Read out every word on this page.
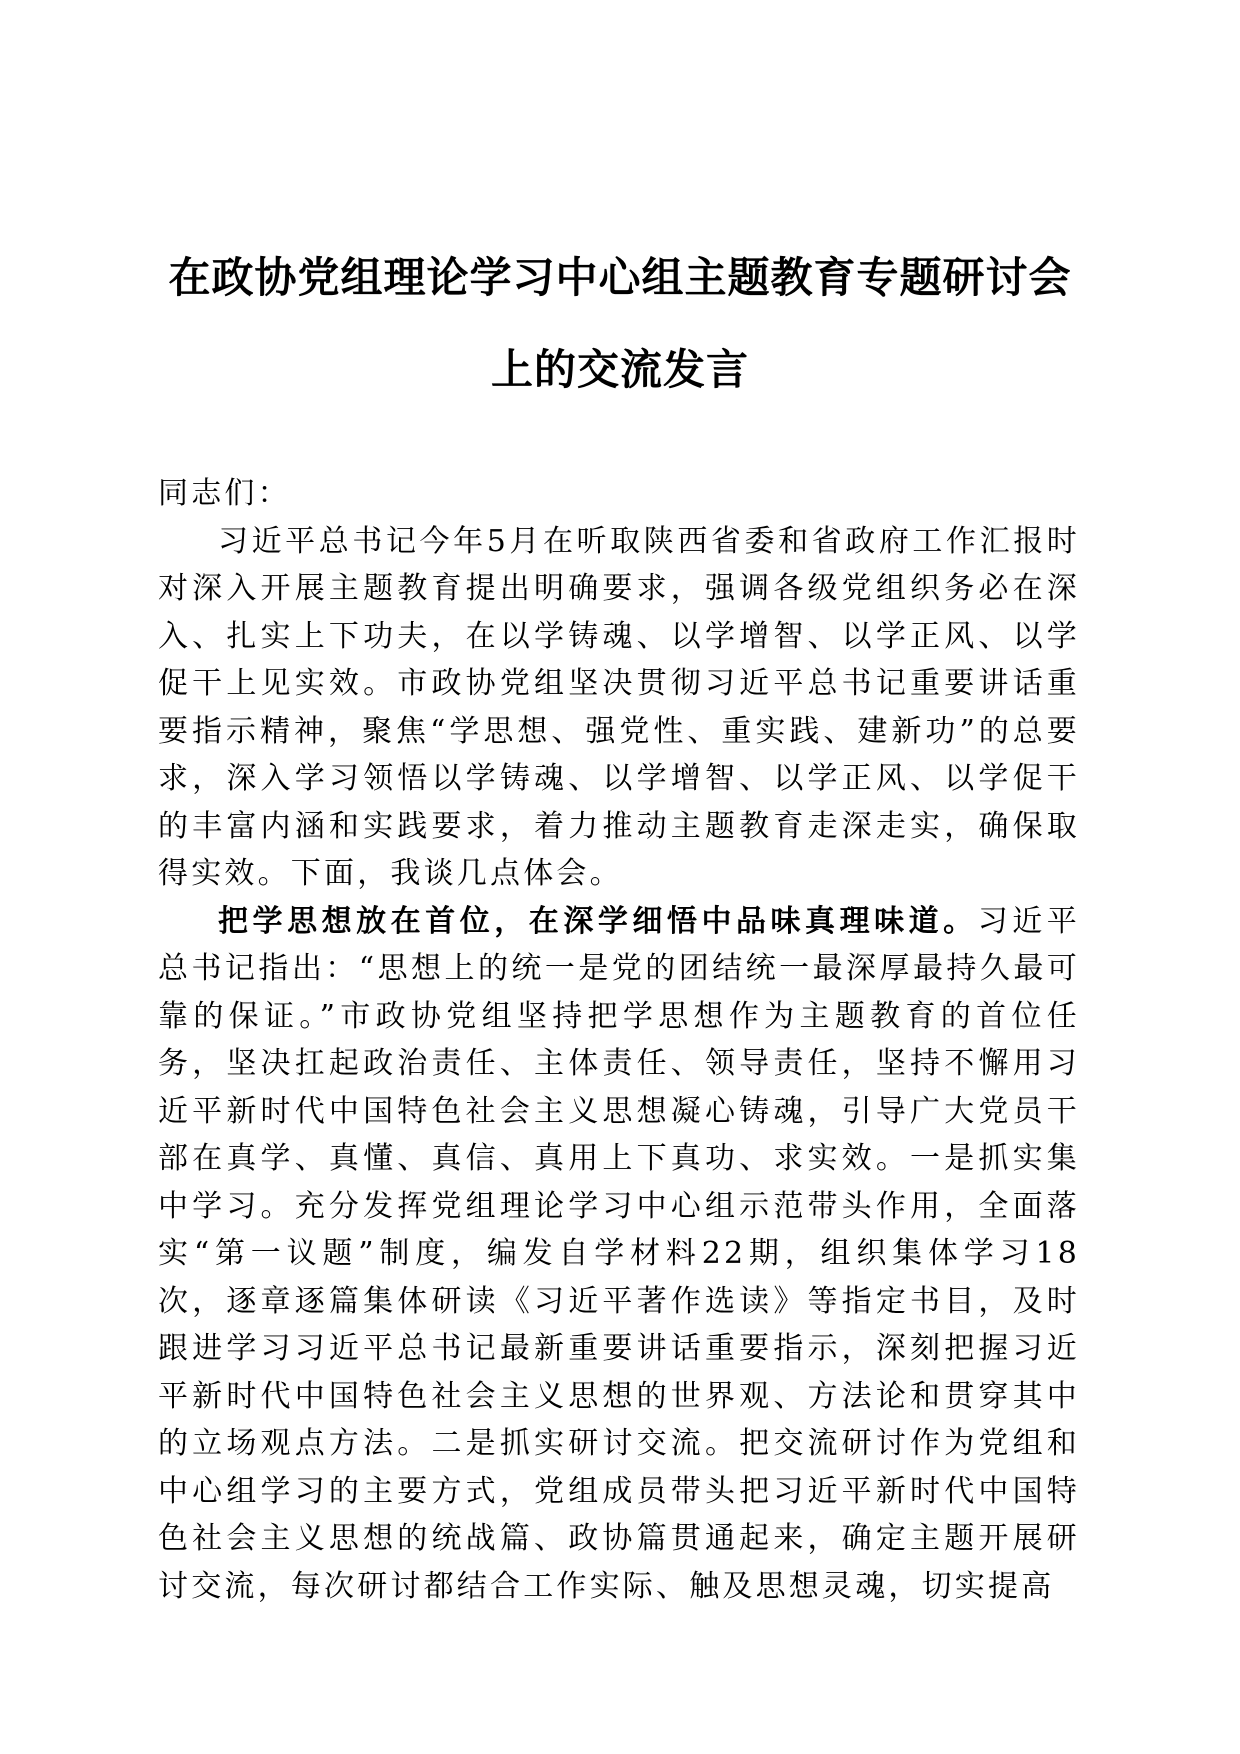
在政协党组理论学习中心组主题教育专题研讨会上的交流发言

同志们：

习近平总书记今年5月在听取陕西省委和省政府工作汇报时对深入开展主题教育提出明确要求，强调各级党组织务必在深入、扎实上下功夫，在以学铸魂、以学增智、以学正风、以学促干上见实效。市政协党组坚决贯彻习近平总书记重要讲话重要指示精神，聚焦“学思想、强党性、重实践、建新功”的总要求，深入学习领悟以学铸魂、以学增智、以学正风、以学促干的丰富内涵和实践要求，着力推动主题教育走深走实，确保取得实效。下面，我谈几点体会。

把学思想放在首位，在深学细悟中品味真理味道。习近平总书记指出：“思想上的统一是党的团结统一最深厚最持久最可靠的保证。”市政协党组坚持把学思想作为主题教育的首位任务，坚决扛起政治责任、主体责任、领导责任，坚持不懈用习近平新时代中国特色社会主义思想凝心铸魂，引导广大党员干部在真学、真懂、真信、真用上下真功、求实效。一是抓实集中学习。充分发挥党组理论学习中心组示范带头作用，全面落实“第一议题”制度，编发自学材料22期，组织集体学习18次，逐章逐篇集体研读《习近平著作选读》等指定书目，及时跟进学习习近平总书记最新重要讲话重要指示，深刻把握习近平新时代中国特色社会主义思想的世界观、方法论和贯穿其中的立场观点方法。二是抓实研讨交流。把交流研讨作为党组和中心组学习的主要方式，党组成员带头把习近平新时代中国特色社会主义思想的统战篇、政协篇贯通起来，确定主题开展研讨交流，每次研讨都结合工作实际、触及思想灵魂，切实提高
